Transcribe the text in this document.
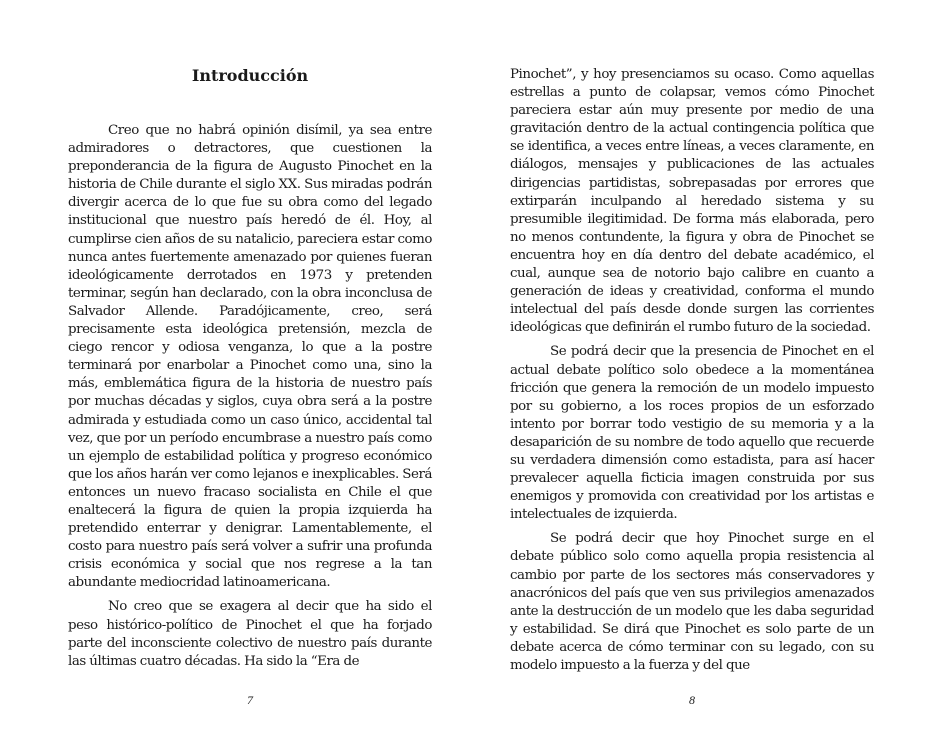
Introducción

Creo que no habrá opinión disímil, ya sea entre admiradores o detractores, que cuestionen la preponderancia de la figura de Augusto Pinochet en la historia de Chile durante el siglo XX. Sus miradas podrán divergir acerca de lo que fue su obra como del legado institucional que nuestro país heredó de él. Hoy, al cumplirse cien años de su natalicio, pareciera estar como nunca antes fuertemente amenazado por quienes fueran ideológicamente derrotados en 1973 y pretenden terminar, según han declarado, con la obra inconclusa de Salvador Allende. Paradójicamente, creo, será precisamente esta ideológica pretensión, mezcla de ciego rencor y odiosa venganza, lo que a la postre terminará por enarbolar a Pinochet como una, sino la más, emblemática figura de la historia de nuestro país por muchas décadas y siglos, cuya obra será a la postre admirada y estudiada como un caso único, accidental tal vez, que por un período encumbrase a nuestro país como un ejemplo de estabilidad política y progreso económico que los años harán ver como lejanos e inexplicables. Será entonces un nuevo fracaso socialista en Chile el que enaltecerá la figura de quien la propia izquierda ha pretendido enterrar y denigrar. Lamentablemente, el costo para nuestro país será volver a sufrir una profunda crisis económica y social que nos regrese a la tan abundante mediocridad latinoamericana.

No creo que se exagera al decir que ha sido el peso histórico-político de Pinochet el que ha forjado parte del inconsciente colectivo de nuestro país durante las últimas cuatro décadas. Ha sido la “Era de

7

Pinochet”, y hoy presenciamos su ocaso. Como aquellas estrellas a punto de colapsar, vemos cómo Pinochet pareciera estar aún muy presente por medio de una gravitación dentro de la actual contingencia política que se identifica, a veces entre líneas, a veces claramente, en diálogos, mensajes y publicaciones de las actuales dirigencias partidistas, sobrepasadas por errores que extirparán inculpando al heredado sistema y su presumible ilegitimidad. De forma más elaborada, pero no menos contundente, la figura y obra de Pinochet se encuentra hoy en día dentro del debate académico, el cual, aunque sea de notorio bajo calibre en cuanto a generación de ideas y creatividad, conforma el mundo intelectual del país desde donde surgen las corrientes ideológicas que definirán el rumbo futuro de la sociedad.

Se podrá decir que la presencia de Pinochet en el actual debate político solo obedece a la momentánea fricción que genera la remoción de un modelo impuesto por su gobierno, a los roces propios de un esforzado intento por borrar todo vestigio de su memoria y a la desaparición de su nombre de todo aquello que recuerde su verdadera dimensión como estadista, para así hacer prevalecer aquella ficticia imagen construida por sus enemigos y promovida con creatividad por los artistas e intelectuales de izquierda.

Se podrá decir que hoy Pinochet surge en el debate público solo como aquella propia resistencia al cambio por parte de los sectores más conservadores y anacrónicos del país que ven sus privilegios amenazados ante la destrucción de un modelo que les daba seguridad y estabilidad. Se dirá que Pinochet es solo parte de un debate acerca de cómo terminar con su legado, con su modelo impuesto a la fuerza y del que

8
